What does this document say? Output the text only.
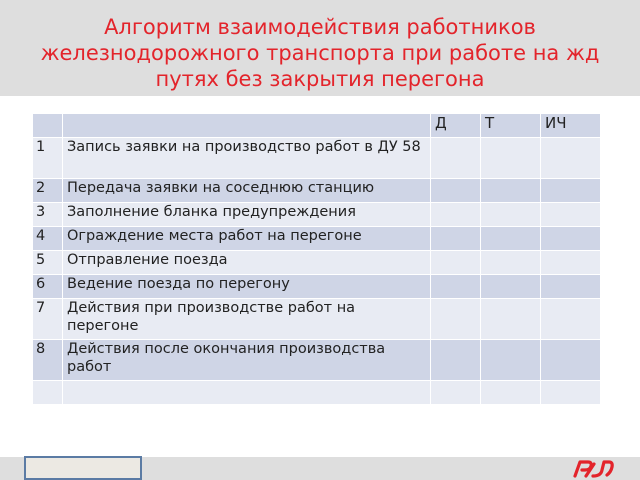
Алгоритм взаимодействия работников железнодорожного транспорта при работе на жд путях без закрытия перегона
		Д	Т	ИЧ
1	Запись заявки на производство работ в ДУ 58			
2	Передача заявки на соседнюю станцию			
3	Заполнение бланка предупреждения			
4	Ограждение места работ на перегоне			
5	Отправление поезда			
6	Ведение поезда по перегону			
7	Действия при производстве работ на перегоне			
8	Действия после окончания производства работ			
